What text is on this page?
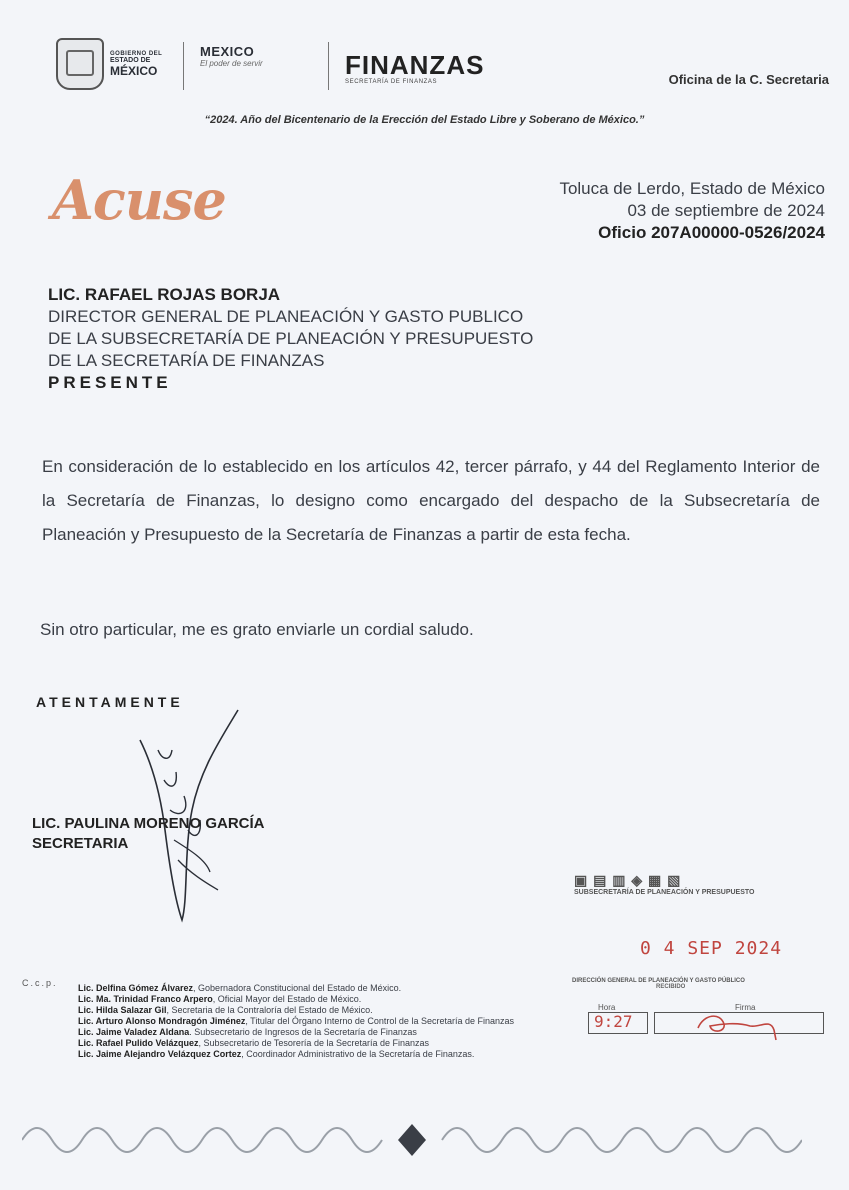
GOBIERNO DEL
ESTADO DE
MÉXICO
MEXICO
El poder de servir	FINANZAS
SECRETARÍA DE FINANZAS	Oficina de la C. Secretaria
“2024. Año del Bicentenario de la Erección del Estado Libre y Soberano de México.”
Acuse	Toluca de Lerdo, Estado de México
03 de septiembre de 2024
Oficio 207A00000-0526/2024
LIC. RAFAEL ROJAS BORJA
DIRECTOR GENERAL DE PLANEACIÓN Y GASTO PUBLICO
DE LA SUBSECRETARÍA DE PLANEACIÓN Y PRESUPUESTO
DE LA SECRETARÍA DE FINANZAS
PRESENTE
En consideración de lo establecido en los artículos 42, tercer párrafo, y 44 del Reglamento Interior de la Secretaría de Finanzas, lo designo como encargado del despacho de la Subsecretaría de Planeación y Presupuesto de la Secretaría de Finanzas a partir de esta fecha.
Sin otro particular, me es grato enviarle un cordial saludo.
ATENTAMENTE
LIC. PAULINA MORENO GARCÍA
SECRETARIA
▣ ▤ ▥ ◈ ▦ ▧
SUBSECRETARÍA DE PLANEACIÓN Y PRESUPUESTO
0 4 SEP 2024
DIRECCIÓN GENERAL DE PLANEACIÓN Y GASTO PÚBLICO
RECIBIDO
Hora	Firma
9:27
C.c.p. Lic. Delfina Gómez Álvarez, Gobernadora Constitucional del Estado de México.
Lic. Ma. Trinidad Franco Arpero, Oficial Mayor del Estado de México.
Lic. Hilda Salazar Gil, Secretaria de la Contraloría del Estado de México.
Lic. Arturo Alonso Mondragón Jiménez, Titular del Órgano Interno de Control de la Secretaría de Finanzas
Lic. Jaime Valadez Aldana. Subsecretario de Ingresos de la Secretaría de Finanzas
Lic. Rafael Pulido Velázquez, Subsecretario de Tesorería de la Secretaría de Finanzas
Lic. Jaime Alejandro Velázquez Cortez, Coordinador Administrativo de la Secretaría de Finanzas.
